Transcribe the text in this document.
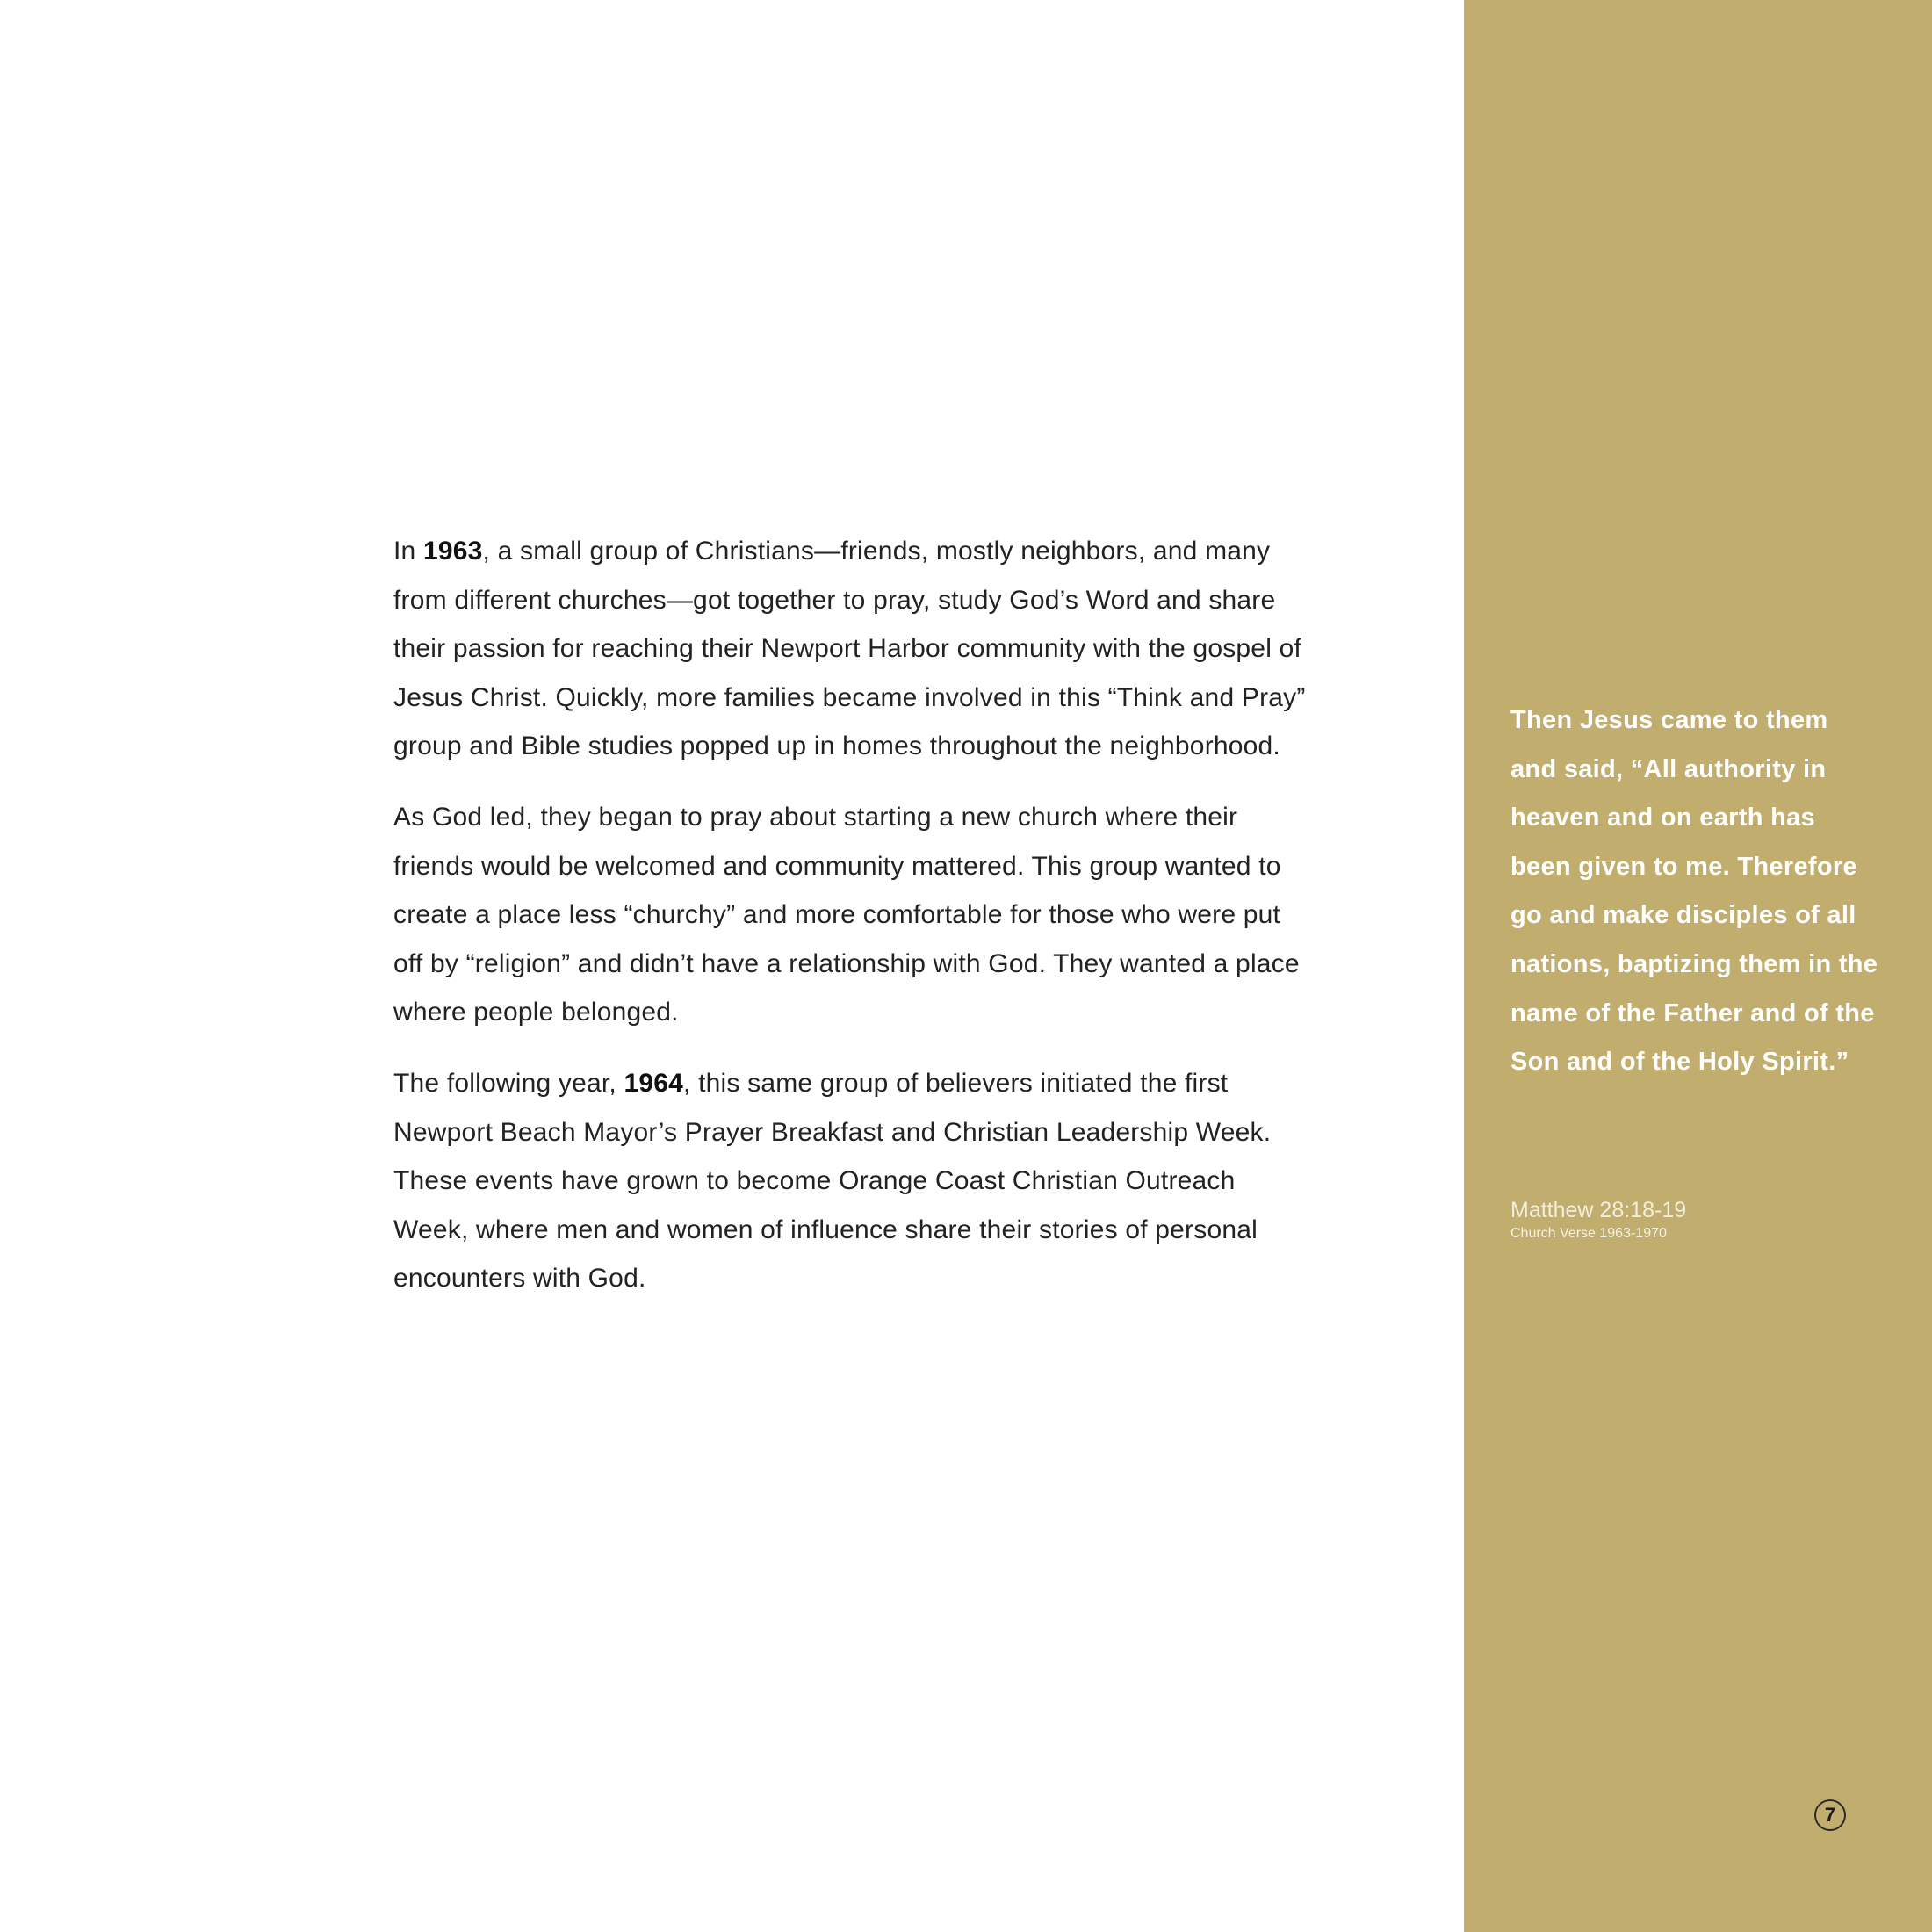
In 1963, a small group of Christians—friends, mostly neighbors, and many from different churches—got together to pray, study God’s Word and share their passion for reaching their Newport Harbor community with the gospel of Jesus Christ. Quickly, more families became involved in this “Think and Pray” group and Bible studies popped up in homes throughout the neighborhood.

As God led, they began to pray about starting a new church where their friends would be welcomed and community mattered. This group wanted to create a place less “churchy” and more comfortable for those who were put off by “religion” and didn’t have a relationship with God. They wanted a place where people belonged.

The following year, 1964, this same group of believers initiated the first Newport Beach Mayor’s Prayer Breakfast and Christian Leadership Week. These events have grown to become Orange Coast Christian Outreach Week, where men and women of influence share their stories of personal encounters with God.

Then Jesus came to them and said, “All authority in heaven and on earth has been given to me. Therefore go and make disciples of all nations, baptizing them in the name of the Father and of the Son and of the Holy Spirit.”

Matthew 28:18-19

Church Verse 1963-1970

7
